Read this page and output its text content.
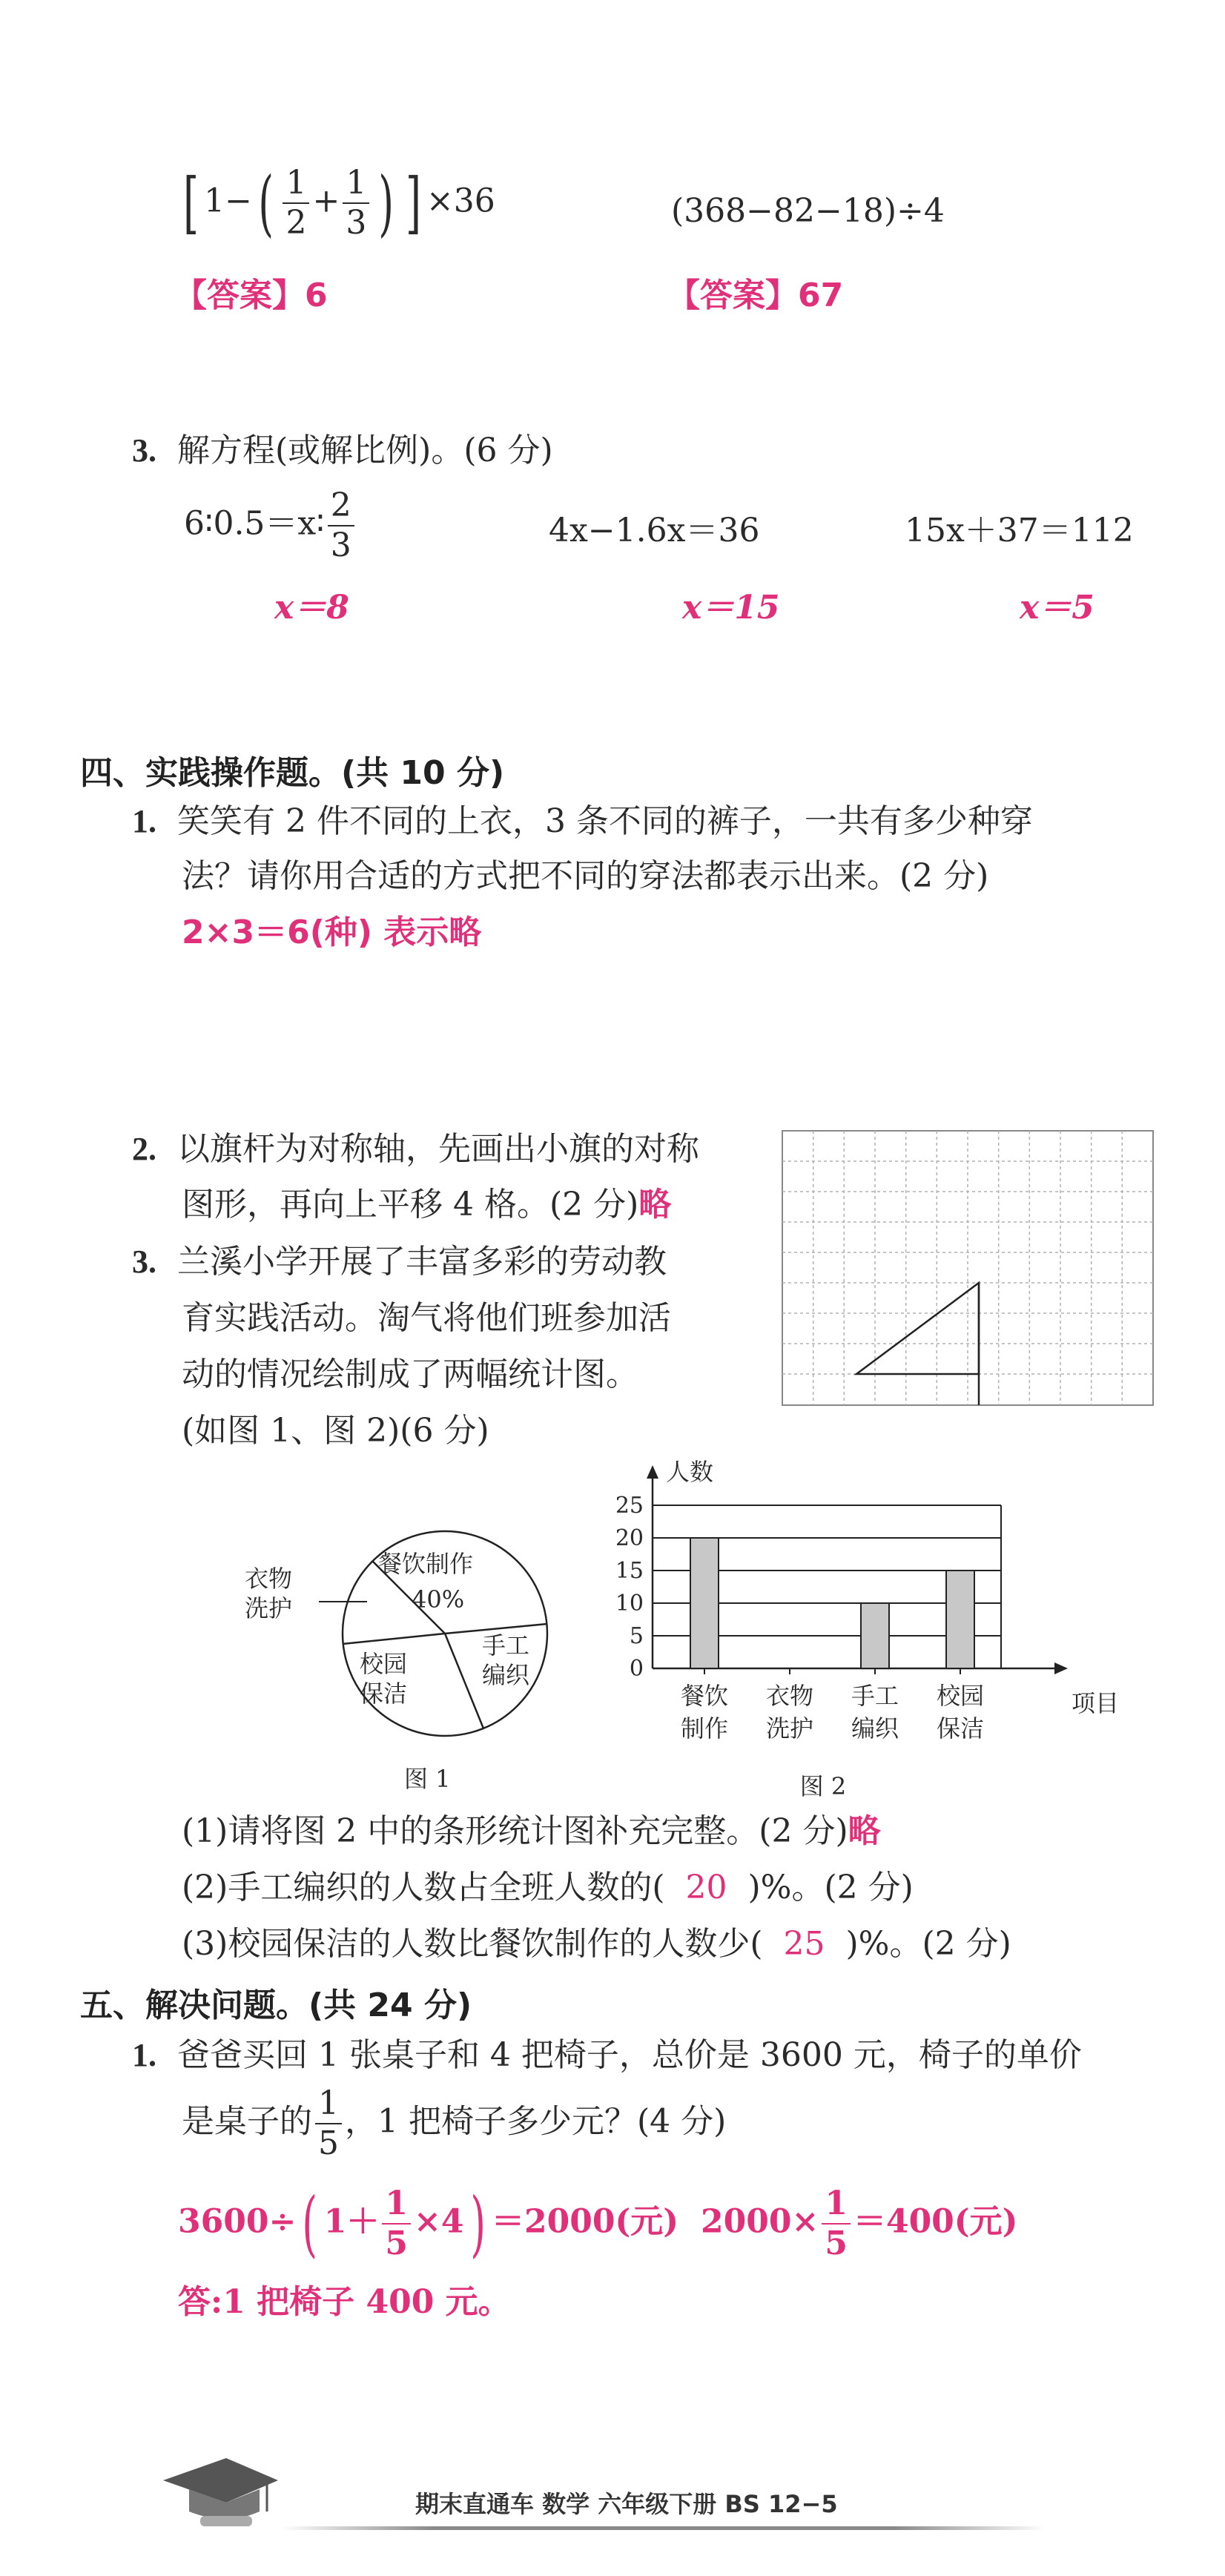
[ $1-( \frac{1}{2} + \frac{1}{3}$ ) ] ×36	(368−82−18)÷4
【答案】6	【答案】67
3. 解方程(或解比例)。(6 分)
6∶0.5＝x∶ $\frac{2}{3}$	4x−1.6x＝36	15x＋37＝112
x＝8	x＝15	x＝5
四、实践操作题。(共 10 分)
1. 笑笑有 2 件不同的上衣，3 条不同的裤子，一共有多少种穿
法？请你用合适的方式把不同的穿法都表示出来。(2 分)
2×3＝6(种) 表示略
2. 以旗杆为对称轴，先画出小旗的对称
图形，再向上平移 4 格。(2 分)略
3. 兰溪小学开展了丰富多彩的劳动教
育实践活动。淘气将他们班参加活
动的情况绘制成了两幅统计图。
(如图 1、图 2)(6 分)
衣物
洗护
餐饮制作
40%
校园
保洁
手工
编织
图 1
0
5
10
15
20
25
人数
项目
餐饮
制作
衣物
洗护
手工
编织
校园
保洁
图 2
(1)请将图 2 中的条形统计图补充完整。(2 分)略
(2)手工编织的人数占全班人数的( 20 )%。(2 分)
(3)校园保洁的人数比餐饮制作的人数少( 25 )%。(2 分)
五、解决问题。(共 24 分)
1. 爸爸买回 1 张桌子和 4 把椅子，总价是 3600 元，椅子的单价
是桌子的 $\frac{1}{5}$ ，1 把椅子多少元？(4 分)
3600÷( $1+ \frac{1}{5} \times 4) =2000$(元) $2000\times \frac{1}{5} =400$(元)
答:1 把椅子 400 元。
期末直通车 数学 六年级下册 BS 12−5
